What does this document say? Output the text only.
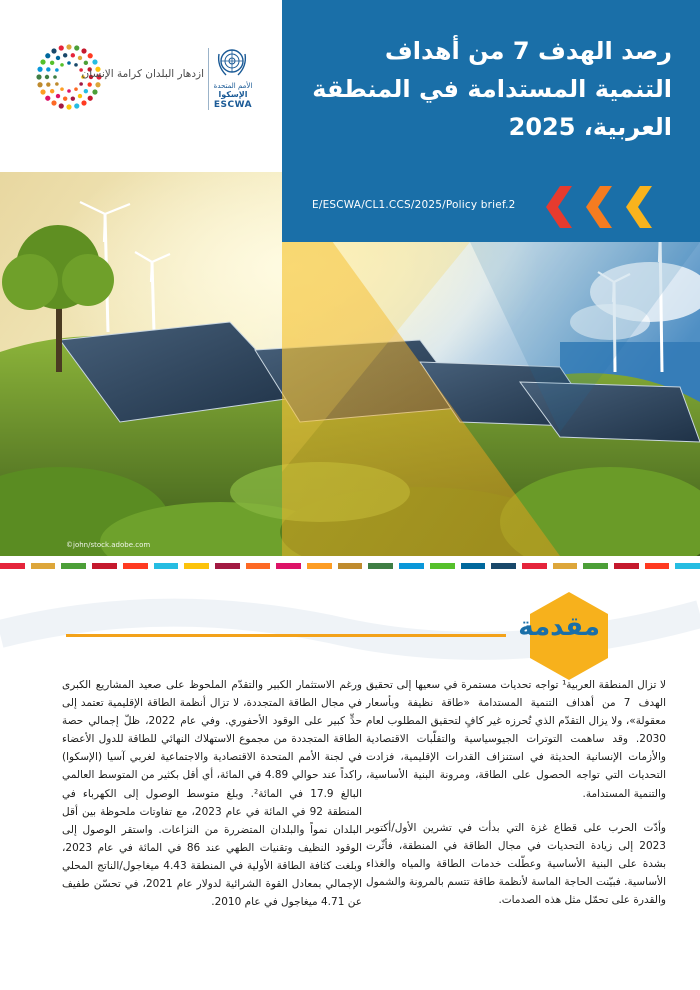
ازدهار البلدان كرامة الإنسان
الأمم المتحدة
الإسكوا
ESCWA
رصد الهدف 7 من أهداف التنمية المستدامة في المنطقة العربية، 2025
E/ESCWA/CL1.CCS/2025/Policy brief.2
©john/stock.adobe.com
مقدمة

لا تزال المنطقة العربية¹ تواجه تحديات مستمرة في سعيها إلى تحقيق الهدف 7 من أهداف التنمية المستدامة «طاقة نظيفة وبأسعار معقولة»، ولا يزال التقدّم الذي تُحرزه غير كافٍ لتحقيق المطلوب لعام 2030. وقد ساهمت التوترات الجيوسياسية والتقلّبات الاقتصادية والأزمات الإنسانية الحديثة في استنزاف القدرات الإقليمية، فزادت التحديات التي تواجه الحصول على الطاقة، ومرونة البنية الأساسية، والتنمية المستدامة.

وأدّت الحرب على قطاع غزة التي بدأت في تشرين الأول/أكتوبر 2023 إلى زيادة التحديات في مجال الطاقة في المنطقة، فأثّرت بشدة على البنية الأساسية وعطّلت خدمات الطاقة والمياه والغذاء الأساسية. فبيّنت الحاجة الماسة لأنظمة طاقة تتسم بالمرونة والشمول والقدرة على تحمّل مثل هذه الصدمات.

ورغم الاستثمار الكبير والتقدّم الملحوظ على صعيد المشاريع الكبرى في مجال الطاقة المتجددة، لا تزال أنظمة الطاقة الإقليمية تعتمد إلى حدٍّ كبير على الوقود الأحفوري. وفي عام 2022، ظلّ إجمالي حصة الطاقة المتجددة من مجموع الاستهلاك النهائي للطاقة للدول الأعضاء في لجنة الأمم المتحدة الاقتصادية والاجتماعية لغربي آسيا (الإسكوا) راكداً عند حوالي 4.89 في المائة، أي أقل بكثير من المتوسط العالمي البالغ 17.9 في المائة². وبلغ متوسط الوصول إلى الكهرباء في المنطقة 92 في المائة في عام 2023، مع تفاوتات ملحوظة بين أقل البلدان نمواً والبلدان المتضررة من النزاعات. واستقر الوصول إلى الوقود النظيف وتقنيات الطهي عند 86 في المائة في عام 2023، وبلغت كثافة الطاقة الأولية في المنطقة 4.43 ميغاجول/الناتج المحلي الإجمالي بمعادل القوة الشرائية لدولار عام 2021، في تحسّن طفيف عن 4.71 ميغاجول في عام 2010.
